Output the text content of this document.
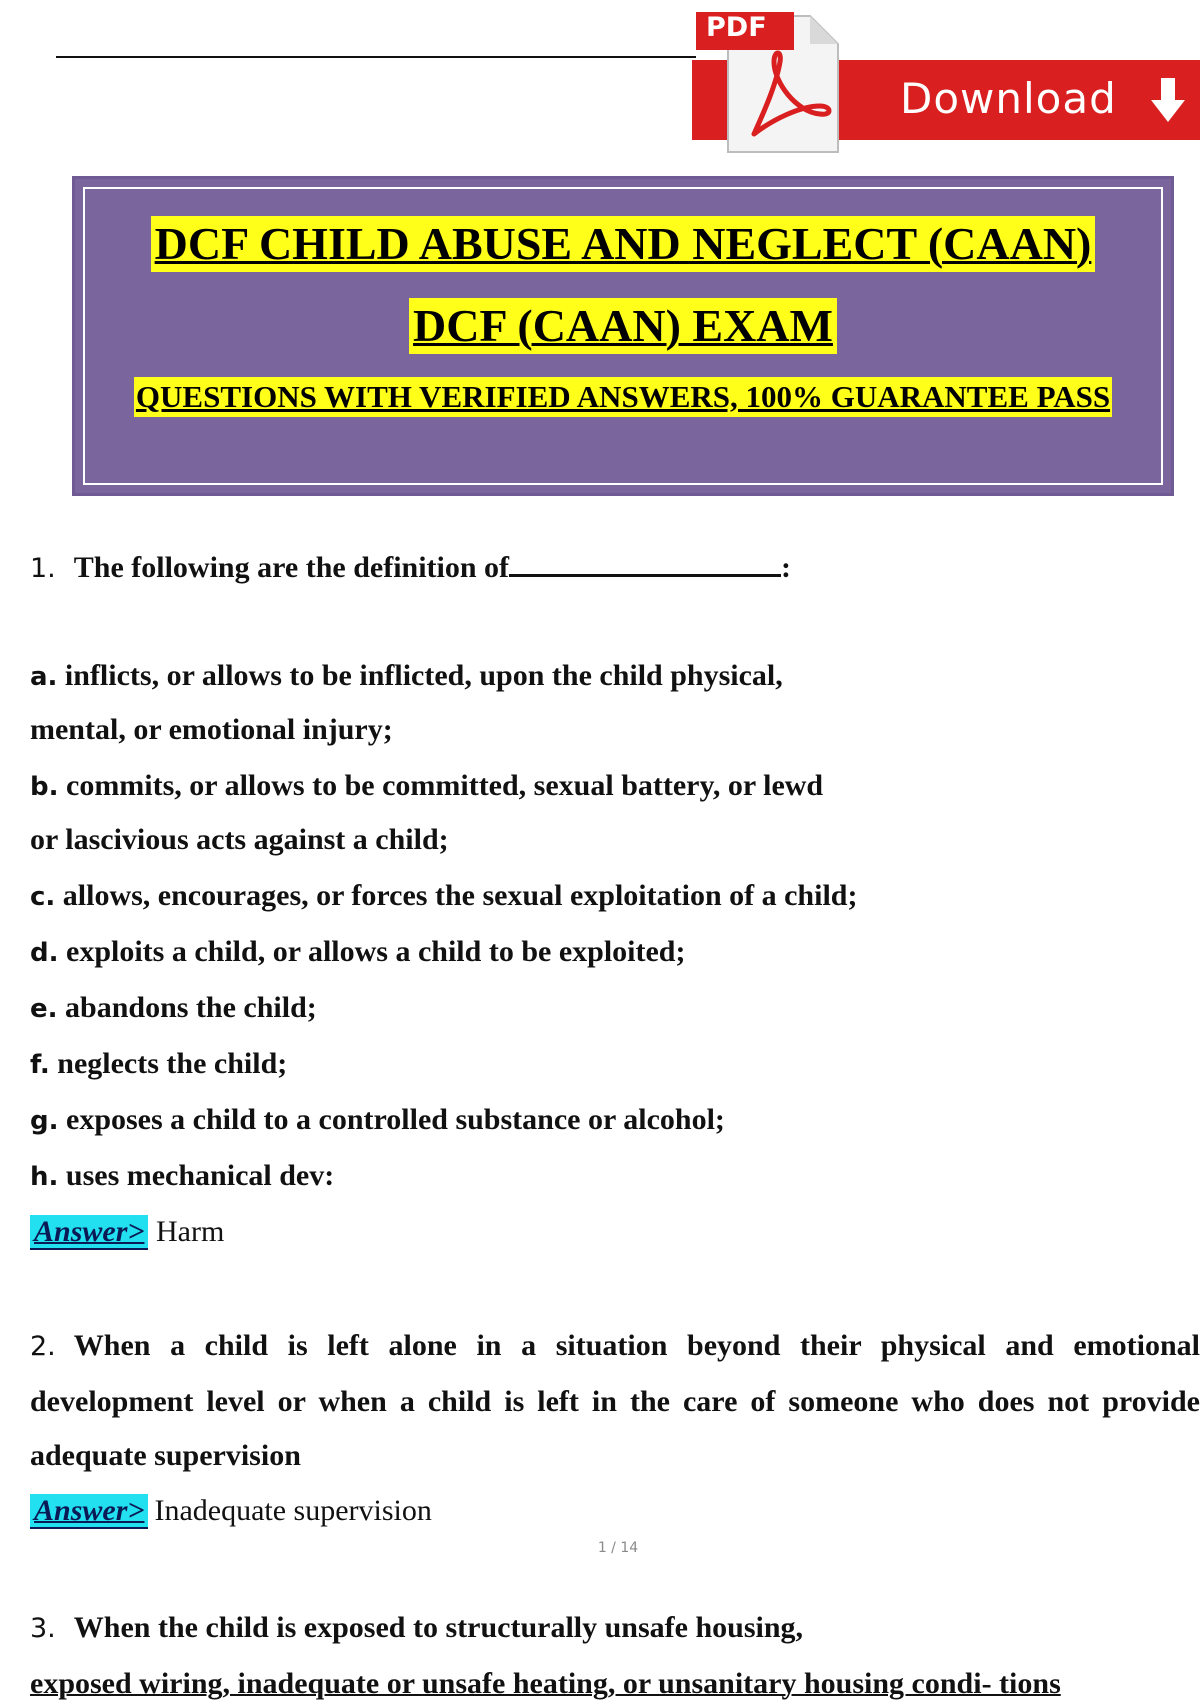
Download
PDF
DCF CHILD ABUSE AND NEGLECT (CAAN)
DCF (CAAN) EXAM
QUESTIONS WITH VERIFIED ANSWERS, 100% GUARANTEE PASS
1. The following are the definition of	:
a. inflicts, or allows to be inflicted, upon the child physical,
mental, or emotional injury;
b. commits, or allows to be committed, sexual battery, or lewd
or lascivious acts against a child;
c. allows, encourages, or forces the sexual exploitation of a child;
d. exploits a child, or allows a child to be exploited;
e. abandons the child;
f. neglects the child;
g. exposes a child to a controlled substance or alcohol;
h. uses mechanical dev:
Answer> Harm
2. When a child is left alone in a situation beyond their physical and emotional
development level or when a child is left in the care of someone who does not provide
adequate supervision
Answer> Inadequate supervision
1 / 14
3. When the child is exposed to structurally unsafe housing,
exposed wiring, inadequate or unsafe heating, or unsanitary housing condi- tions
